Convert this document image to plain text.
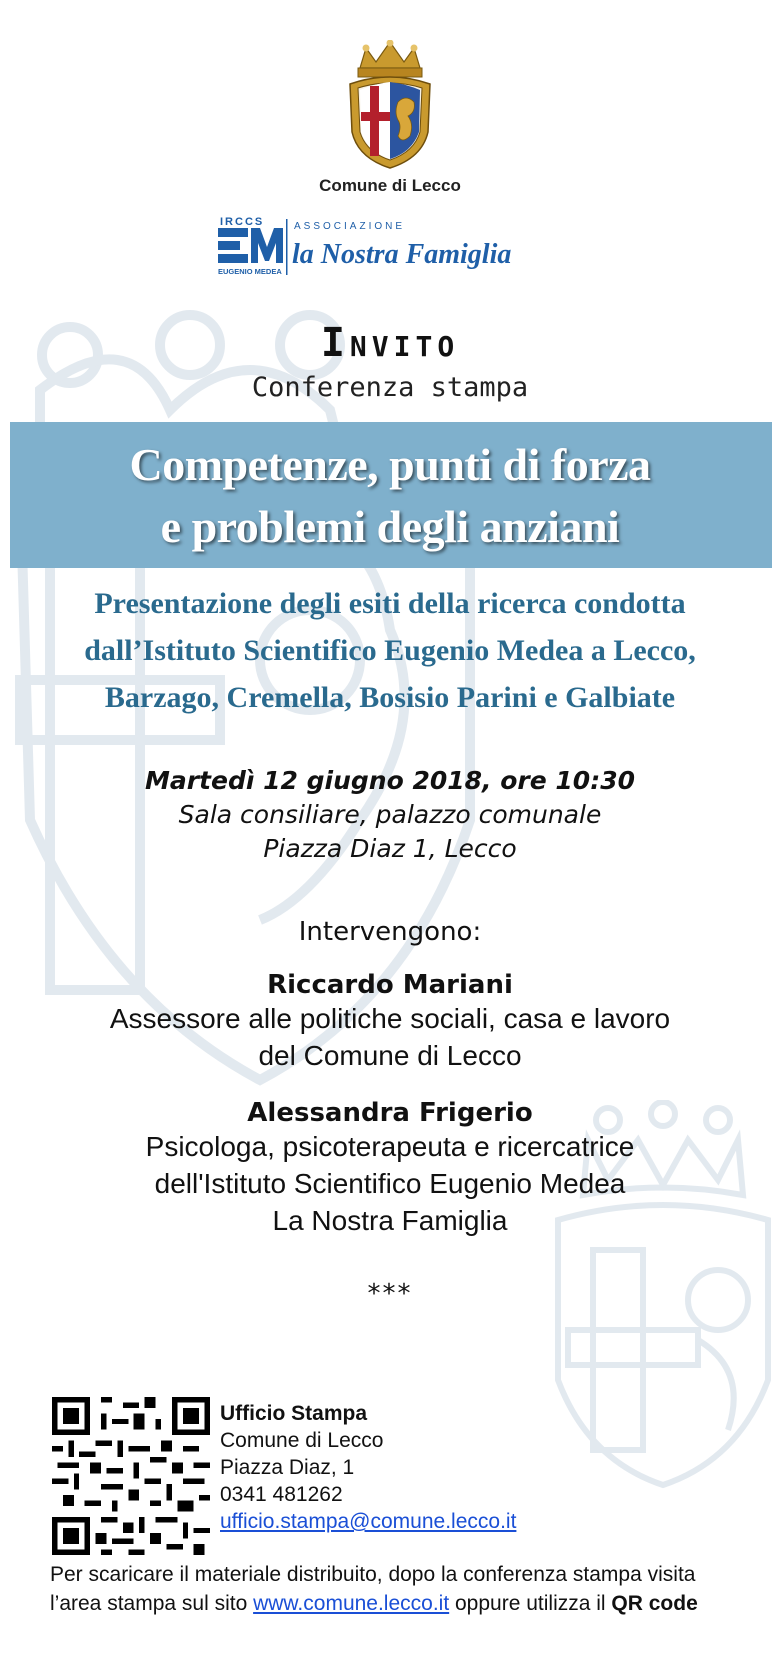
Comune di Lecco
IRCCS
EUGENIO MEDEA
ASSOCIAZIONE
la Nostra Famiglia
Invito
Conferenza stampa
Competenze, punti di forza
e problemi degli anziani
Presentazione degli esiti della ricerca condotta
dall’Istituto Scientifico Eugenio Medea a Lecco,
Barzago, Cremella, Bosisio Parini e Galbiate
Martedì 12 giugno 2018, ore 10:30
Sala consiliare, palazzo comunale
Piazza Diaz 1, Lecco
Intervengono:
Riccardo Mariani
Assessore alle politiche sociali, casa e lavoro
del Comune di Lecco
Alessandra Frigerio
Psicologa, psicoterapeuta e ricercatrice
dell'Istituto Scientifico Eugenio Medea
La Nostra Famiglia
***
Ufficio Stampa
Comune di Lecco
Piazza Diaz, 1
0341 481262
ufficio.stampa@comune.lecco.it
Per scaricare il materiale distribuito, dopo la conferenza stampa visita
l’area stampa sul sito www.comune.lecco.it oppure utilizza il QR code
